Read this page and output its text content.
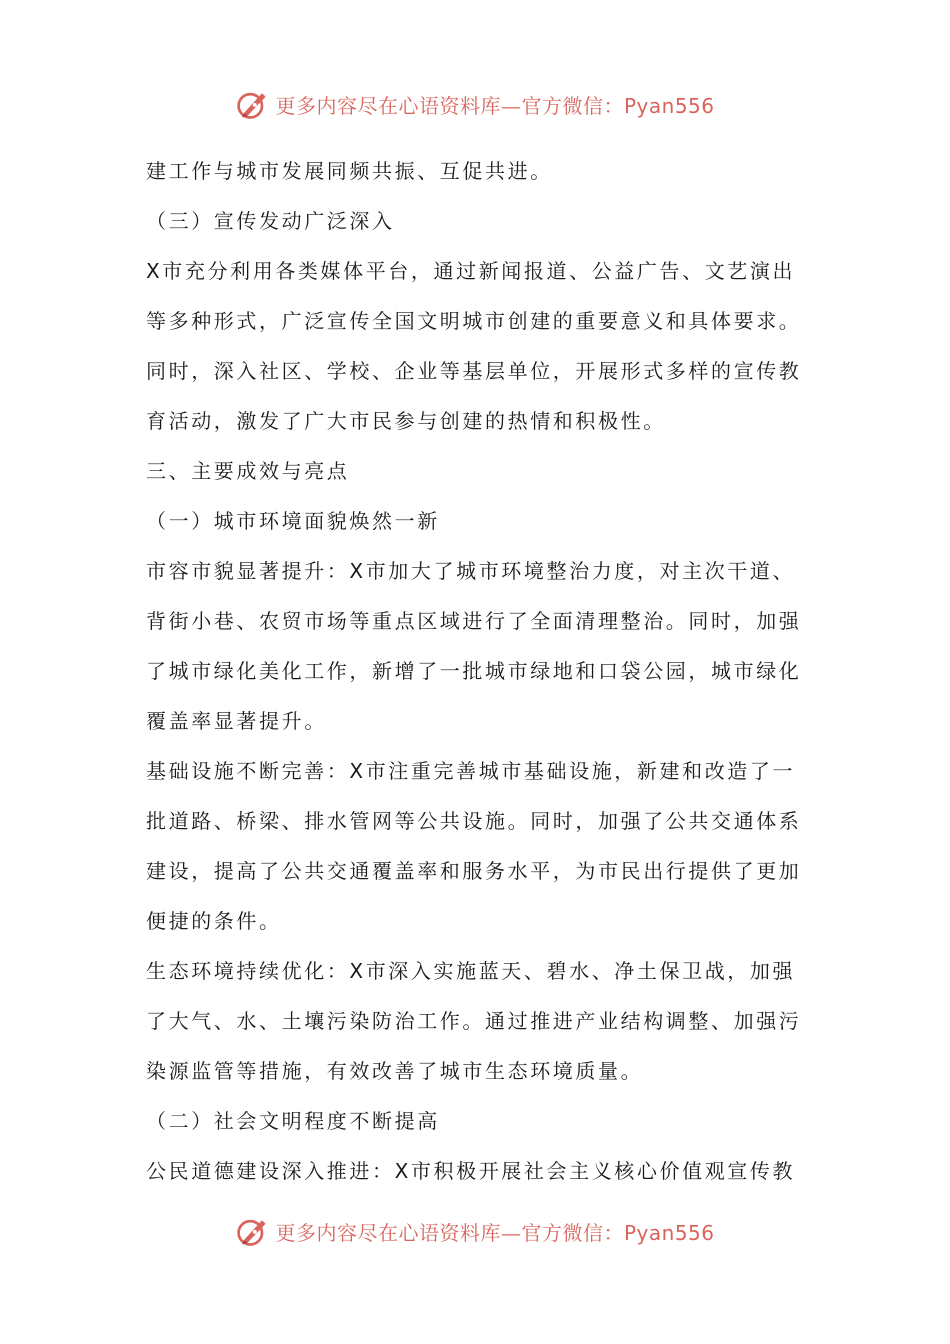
更多内容尽在心语资料库—官方微信：Pyan556
建工作与城市发展同频共振、互促共进。
（三）宣传发动广泛深入
X市充分利用各类媒体平台，通过新闻报道、公益广告、文艺演出
等多种形式，广泛宣传全国文明城市创建的重要意义和具体要求。
同时，深入社区、学校、企业等基层单位，开展形式多样的宣传教
育活动，激发了广大市民参与创建的热情和积极性。
三、主要成效与亮点
（一）城市环境面貌焕然一新
市容市貌显著提升：X市加大了城市环境整治力度，对主次干道、
背街小巷、农贸市场等重点区域进行了全面清理整治。同时，加强
了城市绿化美化工作，新增了一批城市绿地和口袋公园，城市绿化
覆盖率显著提升。
基础设施不断完善：X市注重完善城市基础设施，新建和改造了一
批道路、桥梁、排水管网等公共设施。同时，加强了公共交通体系
建设，提高了公共交通覆盖率和服务水平，为市民出行提供了更加
便捷的条件。
生态环境持续优化：X市深入实施蓝天、碧水、净土保卫战，加强
了大气、水、土壤污染防治工作。通过推进产业结构调整、加强污
染源监管等措施，有效改善了城市生态环境质量。
（二）社会文明程度不断提高
公民道德建设深入推进：X市积极开展社会主义核心价值观宣传教
更多内容尽在心语资料库—官方微信：Pyan556
